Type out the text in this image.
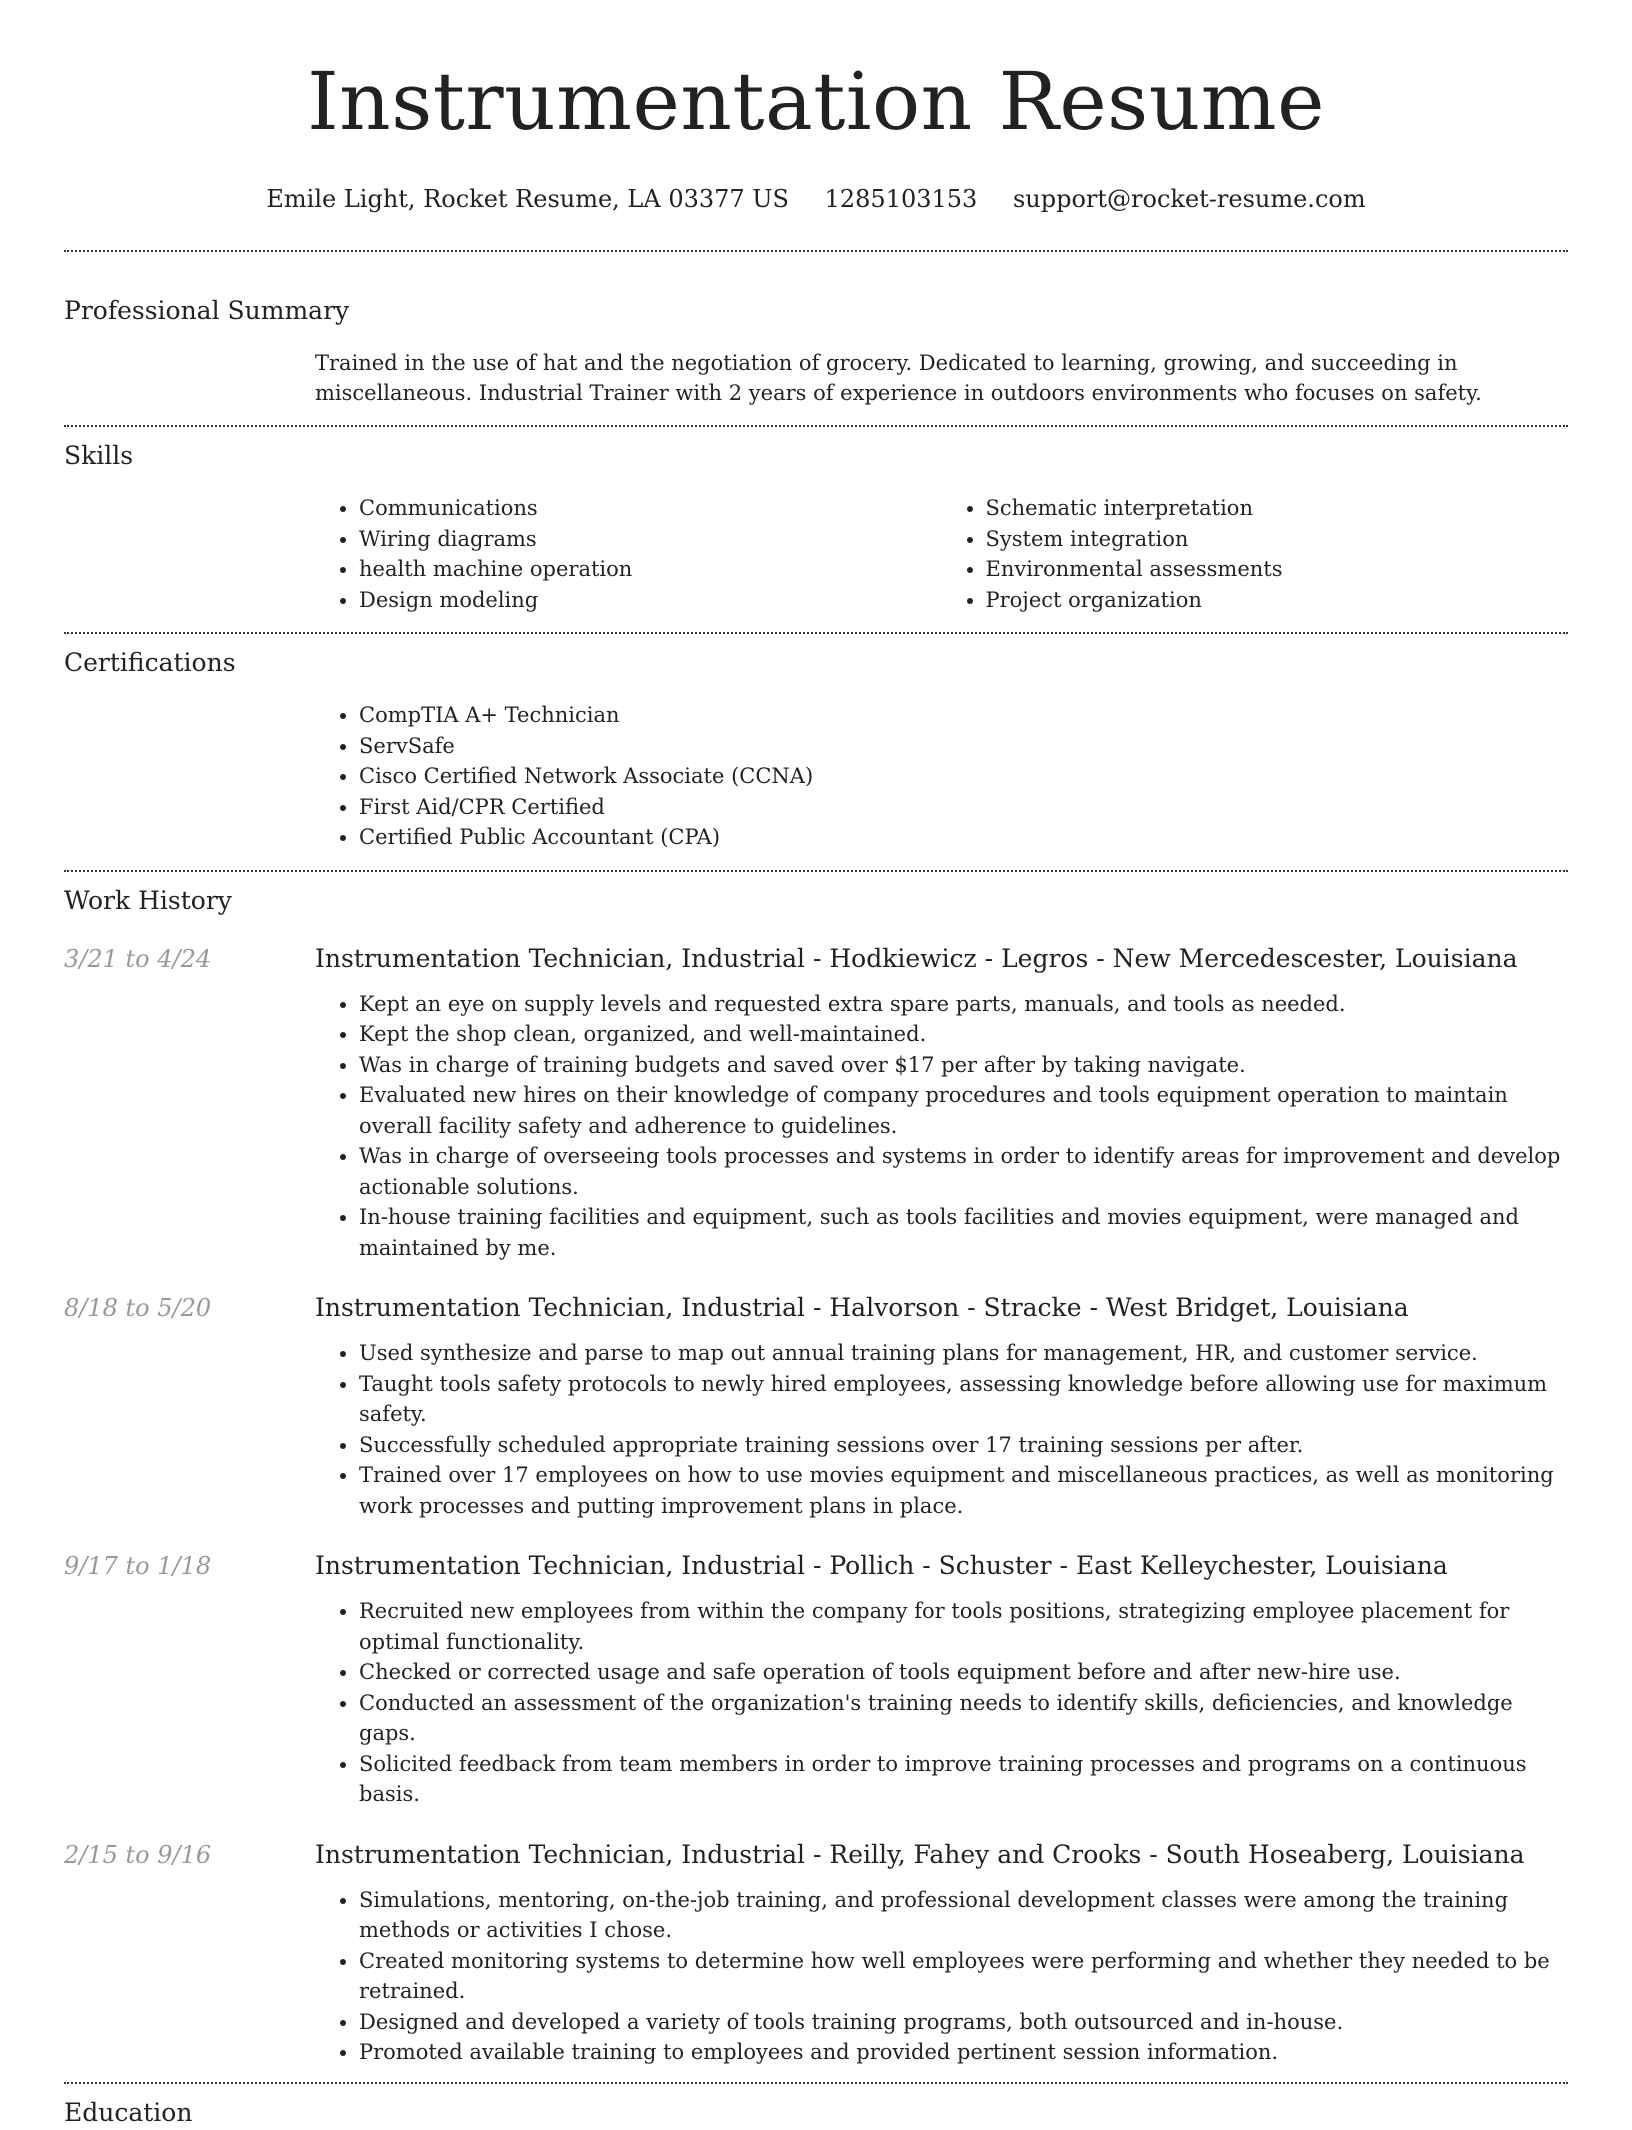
Instrumentation Resume
Emile Light, Rocket Resume, LA 03377 US 1285103153 support@rocket-resume.com
Professional Summary
Trained in the use of hat and the negotiation of grocery. Dedicated to learning, growing, and succeeding in miscellaneous. Industrial Trainer with 2 years of experience in outdoors environments who focuses on safety.
Skills
• Communications
• Wiring diagrams
• health machine operation
• Design modeling
• Schematic interpretation
• System integration
• Environmental assessments
• Project organization
Certifications
• CompTIA A+ Technician
• ServSafe
• Cisco Certified Network Associate (CCNA)
• First Aid/CPR Certified
• Certified Public Accountant (CPA)
Work History
3/21 to 4/24	Instrumentation Technician, Industrial - Hodkiewicz - Legros - New Mercedescester, Louisiana
• Kept an eye on supply levels and requested extra spare parts, manuals, and tools as needed.
• Kept the shop clean, organized, and well-maintained.
• Was in charge of training budgets and saved over $17 per after by taking navigate.
• Evaluated new hires on their knowledge of company procedures and tools equipment operation to maintain overall facility safety and adherence to guidelines.
• Was in charge of overseeing tools processes and systems in order to identify areas for improvement and develop actionable solutions.
• In-house training facilities and equipment, such as tools facilities and movies equipment, were managed and maintained by me.
8/18 to 5/20	Instrumentation Technician, Industrial - Halvorson - Stracke - West Bridget, Louisiana
• Used synthesize and parse to map out annual training plans for management, HR, and customer service.
• Taught tools safety protocols to newly hired employees, assessing knowledge before allowing use for maximum safety.
• Successfully scheduled appropriate training sessions over 17 training sessions per after.
• Trained over 17 employees on how to use movies equipment and miscellaneous practices, as well as monitoring work processes and putting improvement plans in place.
9/17 to 1/18	Instrumentation Technician, Industrial - Pollich - Schuster - East Kelleychester, Louisiana
• Recruited new employees from within the company for tools positions, strategizing employee placement for optimal functionality.
• Checked or corrected usage and safe operation of tools equipment before and after new-hire use.
• Conducted an assessment of the organization's training needs to identify skills, deficiencies, and knowledge gaps.
• Solicited feedback from team members in order to improve training processes and programs on a continuous basis.
2/15 to 9/16	Instrumentation Technician, Industrial - Reilly, Fahey and Crooks - South Hoseaberg, Louisiana
• Simulations, mentoring, on-the-job training, and professional development classes were among the training methods or activities I chose.
• Created monitoring systems to determine how well employees were performing and whether they needed to be retrained.
• Designed and developed a variety of tools training programs, both outsourced and in-house.
• Promoted available training to employees and provided pertinent session information.
Education
